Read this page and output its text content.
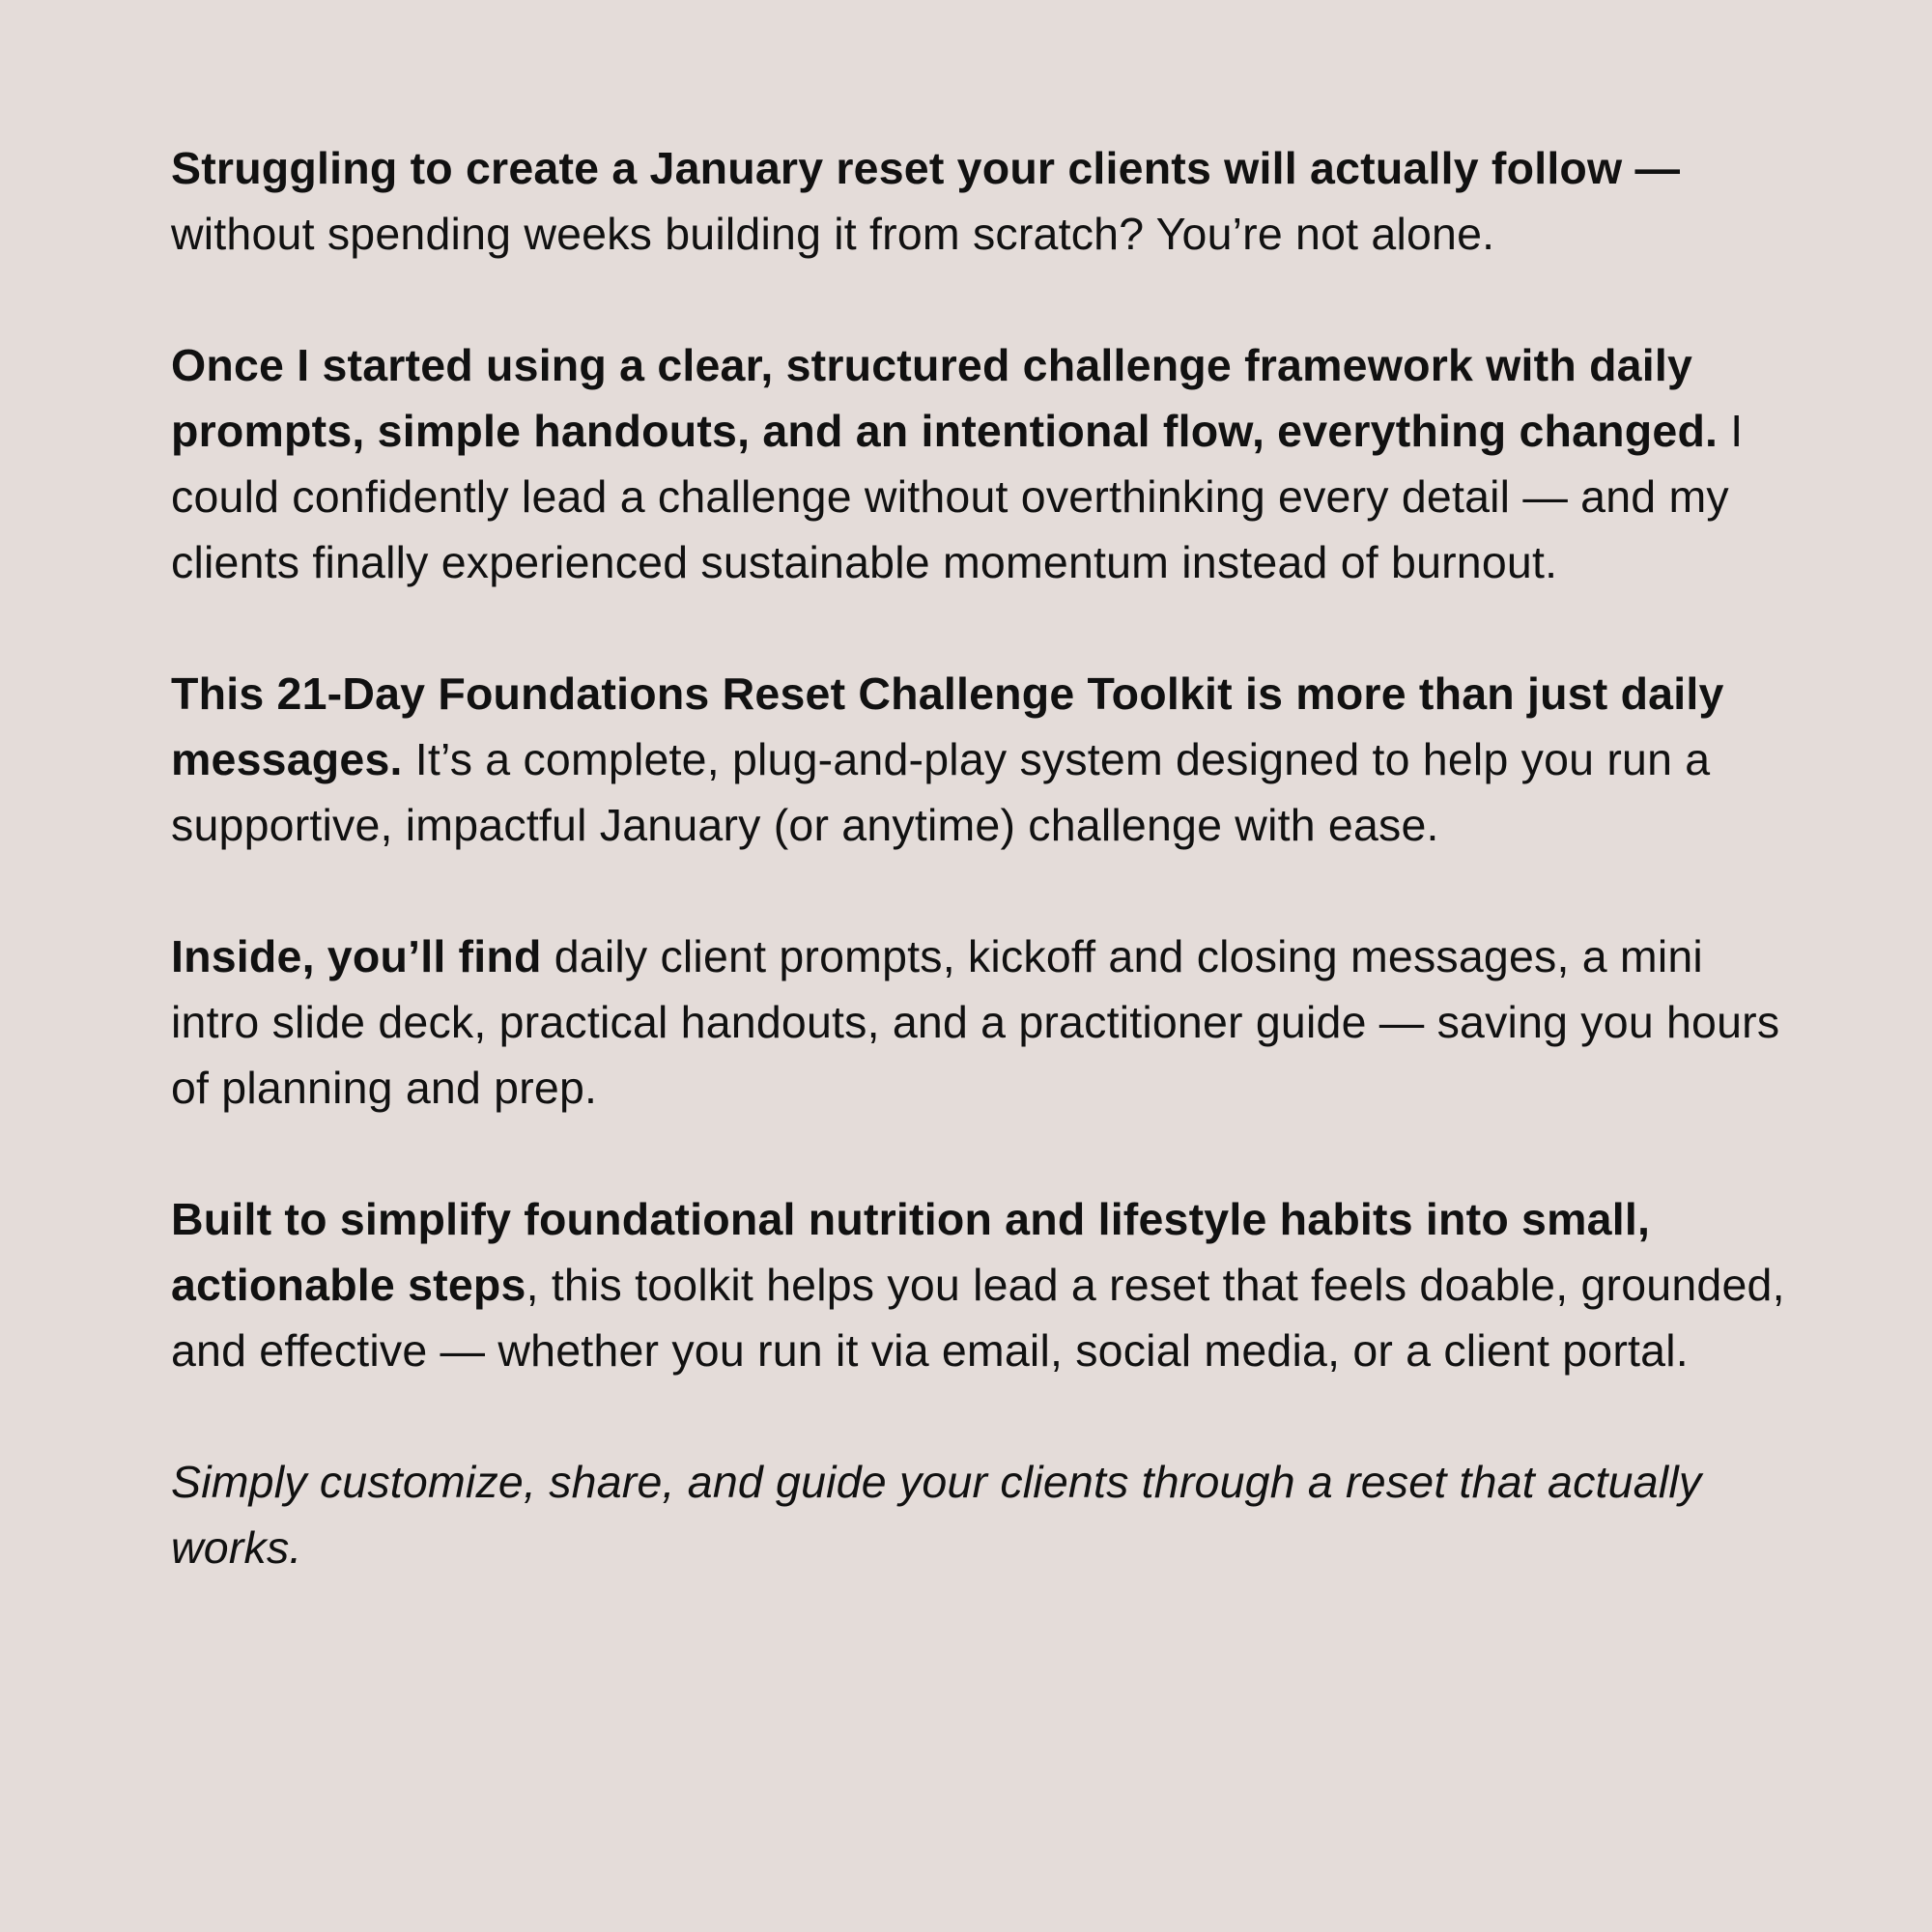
Struggling to create a January reset your clients will actually follow — without spending weeks building it from scratch? You’re not alone.

Once I started using a clear, structured challenge framework with daily prompts, simple handouts, and an intentional flow, everything changed. I could confidently lead a challenge without overthinking every detail — and my clients finally experienced sustainable momentum instead of burnout.

This 21-Day Foundations Reset Challenge Toolkit is more than just daily messages. It’s a complete, plug-and-play system designed to help you run a supportive, impactful January (or anytime) challenge with ease.

Inside, you’ll find daily client prompts, kickoff and closing messages, a mini intro slide deck, practical handouts, and a practitioner guide — saving you hours of planning and prep.

Built to simplify foundational nutrition and lifestyle habits into small, actionable steps, this toolkit helps you lead a reset that feels doable, grounded, and effective — whether you run it via email, social media, or a client portal.

Simply customize, share, and guide your clients through a reset that actually works.
